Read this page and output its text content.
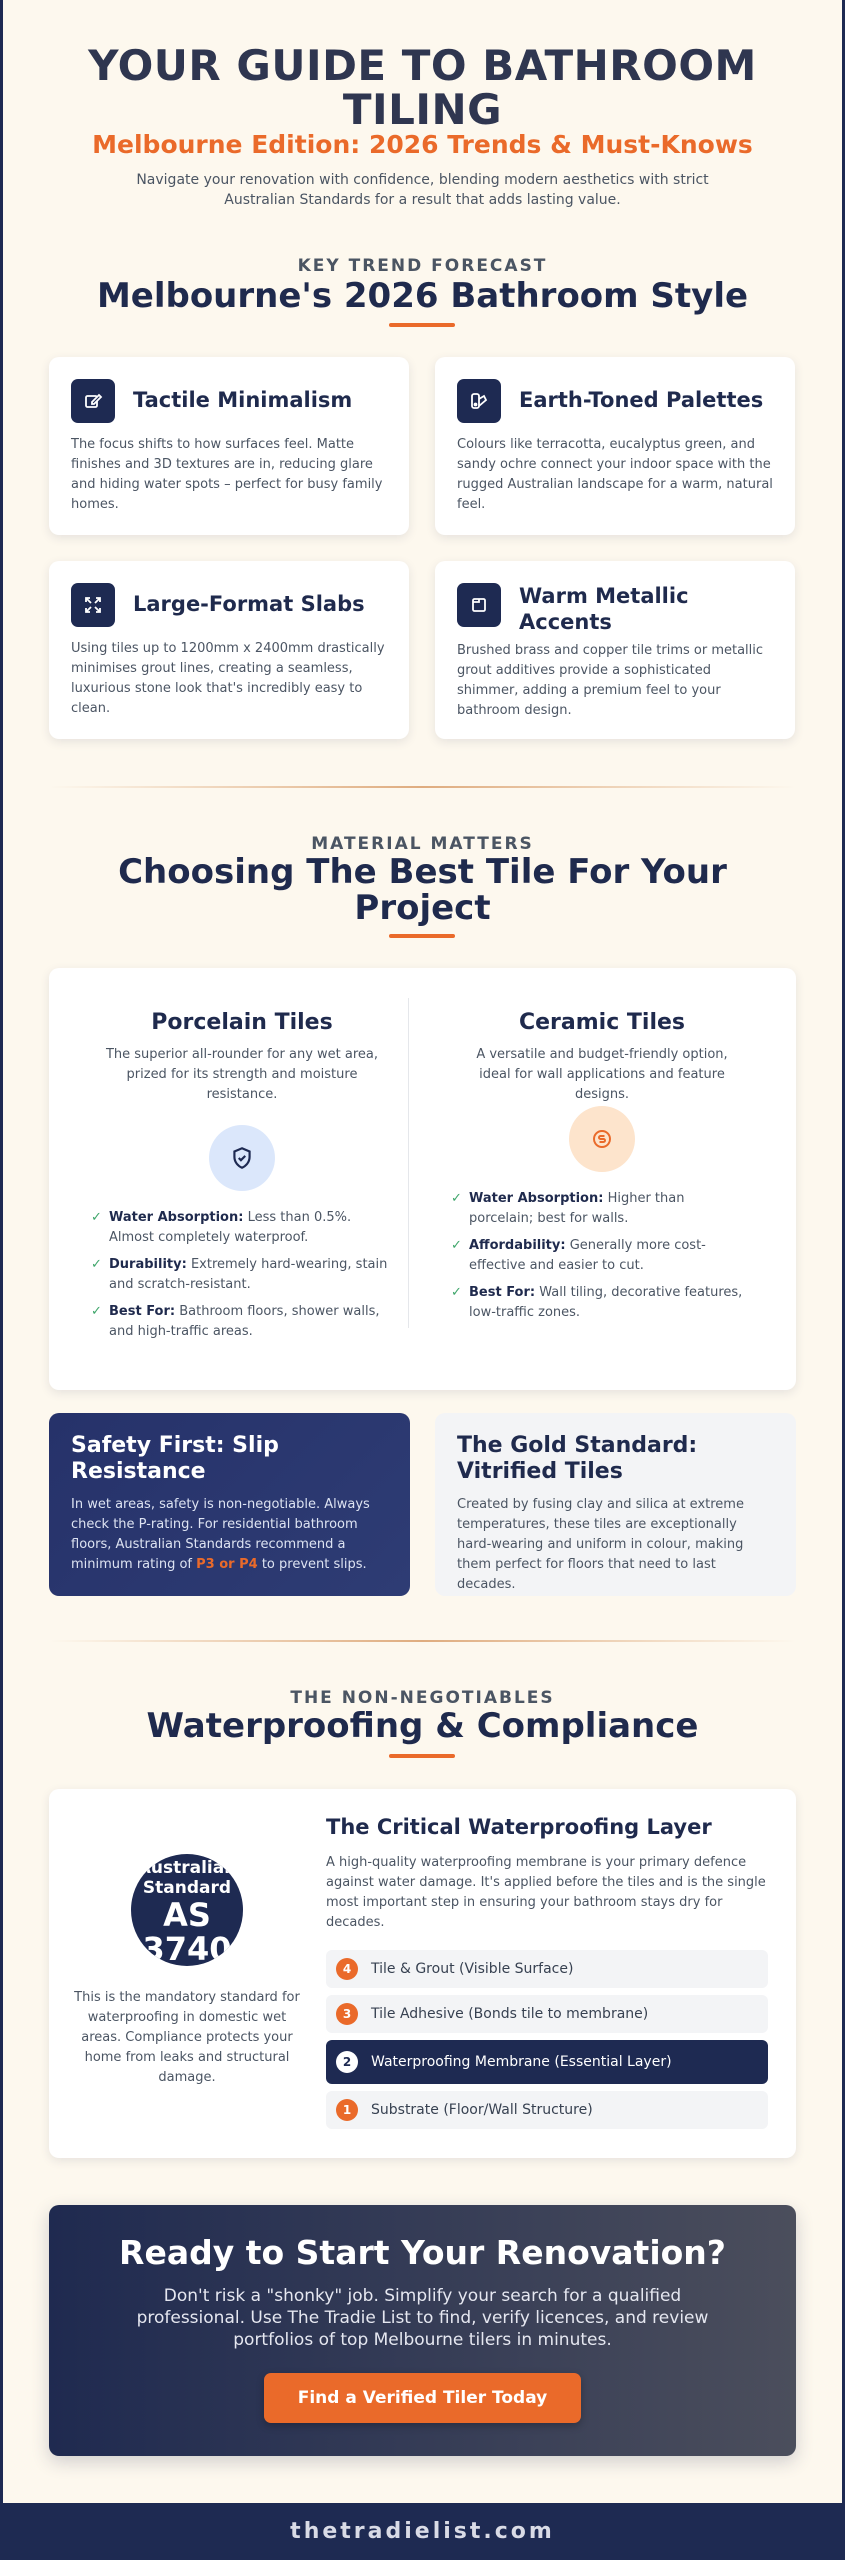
YOUR GUIDE TO BATHROOM
TILING
Melbourne Edition: 2026 Trends & Must-Knows

Navigate your renovation with confidence, blending modern aesthetics with strict Australian Standards for a result that adds lasting value.

KEY TREND FORECAST
Melbourne's 2026 Bathroom Style
Tactile Minimalism

The focus shifts to how surfaces feel. Matte finishes and 3D textures are in, reducing glare and hiding water spots – perfect for busy family homes.

Earth-Toned Palettes

Colours like terracotta, eucalyptus green, and sandy ochre connect your indoor space with the rugged Australian landscape for a warm, natural feel.

Large-Format Slabs

Using tiles up to 1200mm x 2400mm drastically minimises grout lines, creating a seamless, luxurious stone look that's incredibly easy to clean.

Warm Metallic Accents

Brushed brass and copper tile trims or metallic grout additives provide a sophisticated shimmer, adding a premium feel to your bathroom design.

MATERIAL MATTERS
Choosing The Best Tile For Your
Project
Porcelain Tiles

The superior all-rounder for any wet area, prized for its strength and moisture resistance.

✓ Water Absorption: Less than 0.5%. Almost completely waterproof.
✓ Durability: Extremely hard-wearing, stain and scratch-resistant.
✓ Best For: Bathroom floors, shower walls, and high-traffic areas.
Ceramic Tiles

A versatile and budget-friendly option, ideal for wall applications and feature designs.

✓ Water Absorption: Higher than porcelain; best for walls.
✓ Affordability: Generally more cost-effective and easier to cut.
✓ Best For: Wall tiling, decorative features, low-traffic zones.
Safety First: Slip Resistance

In wet areas, safety is non-negotiable. Always check the P-rating. For residential bathroom floors, Australian Standards recommend a minimum rating of P3 or P4 to prevent slips.

The Gold Standard: Vitrified Tiles

Created by fusing clay and silica at extreme temperatures, these tiles are exceptionally hard-wearing and uniform in colour, making them perfect for floors that need to last decades.

THE NON-NEGOTIABLES
Waterproofing & Compliance
Australian
Standard
AS
3740

This is the mandatory standard for waterproofing in domestic wet areas. Compliance protects your home from leaks and structural damage.

The Critical Waterproofing Layer

A high-quality waterproofing membrane is your primary defence against water damage. It's applied before the tiles and is the single most important step in ensuring your bathroom stays dry for decades.

4	Tile & Grout (Visible Surface)
3	Tile Adhesive (Bonds tile to membrane)
2	Waterproofing Membrane (Essential Layer)
1	Substrate (Floor/Wall Structure)
Ready to Start Your Renovation?

Don't risk a "shonky" job. Simplify your search for a qualified professional. Use The Tradie List to find, verify licences, and review portfolios of top Melbourne tilers in minutes.

Find a Verified Tiler Today
thetradielist.com
